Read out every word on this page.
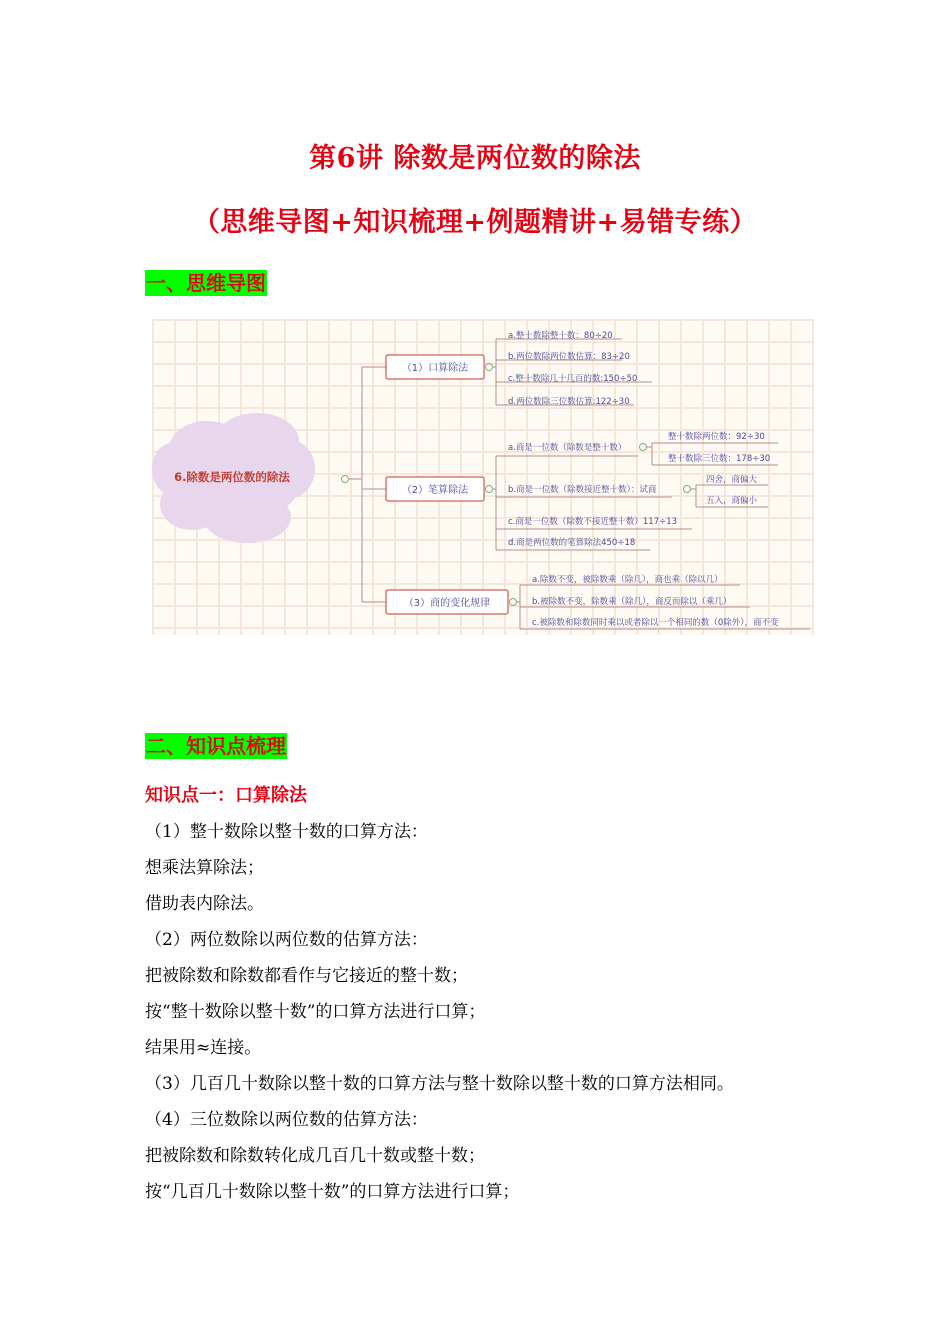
第6讲 除数是两位数的除法
（思维导图+知识梳理+例题精讲+易错专练）
一、思维导图
6.除数是两位数的除法
（1）口算除法
a.整十数除整十数：80÷20
b.两位数除两位数估算：83÷20
c.整十数除几十几百的数:150÷50
d.两位数除三位数估算:122÷30
（2）笔算除法
a.商是一位数（除数是整十数）
整十数除两位数：92÷30
整十数除三位数：178÷30
b.商是一位数（除数接近整十数）：试商
四舍，商偏大
五入，商偏小
c.商是一位数（除数不接近整十数）117÷13
d.商是两位数的笔算除法450÷18
（3）商的变化规律
a.除数不变，被除数乘（除几），商也乘（除以几）
b.被除数不变，除数乘（除几），商反而除以（乘几）
c.被除数和除数同时乘以或者除以一个相同的数（0除外），商不变
二、知识点梳理
知识点一：口算除法
（1）整十数除以整十数的口算方法：
想乘法算除法；
借助表内除法。
（2）两位数除以两位数的估算方法：
把被除数和除数都看作与它接近的整十数；
按“整十数除以整十数”的口算方法进行口算；
结果用≈连接。
（3）几百几十数除以整十数的口算方法与整十数除以整十数的口算方法相同。
（4）三位数除以两位数的估算方法：
把被除数和除数转化成几百几十数或整十数；
按“几百几十数除以整十数”的口算方法进行口算；
